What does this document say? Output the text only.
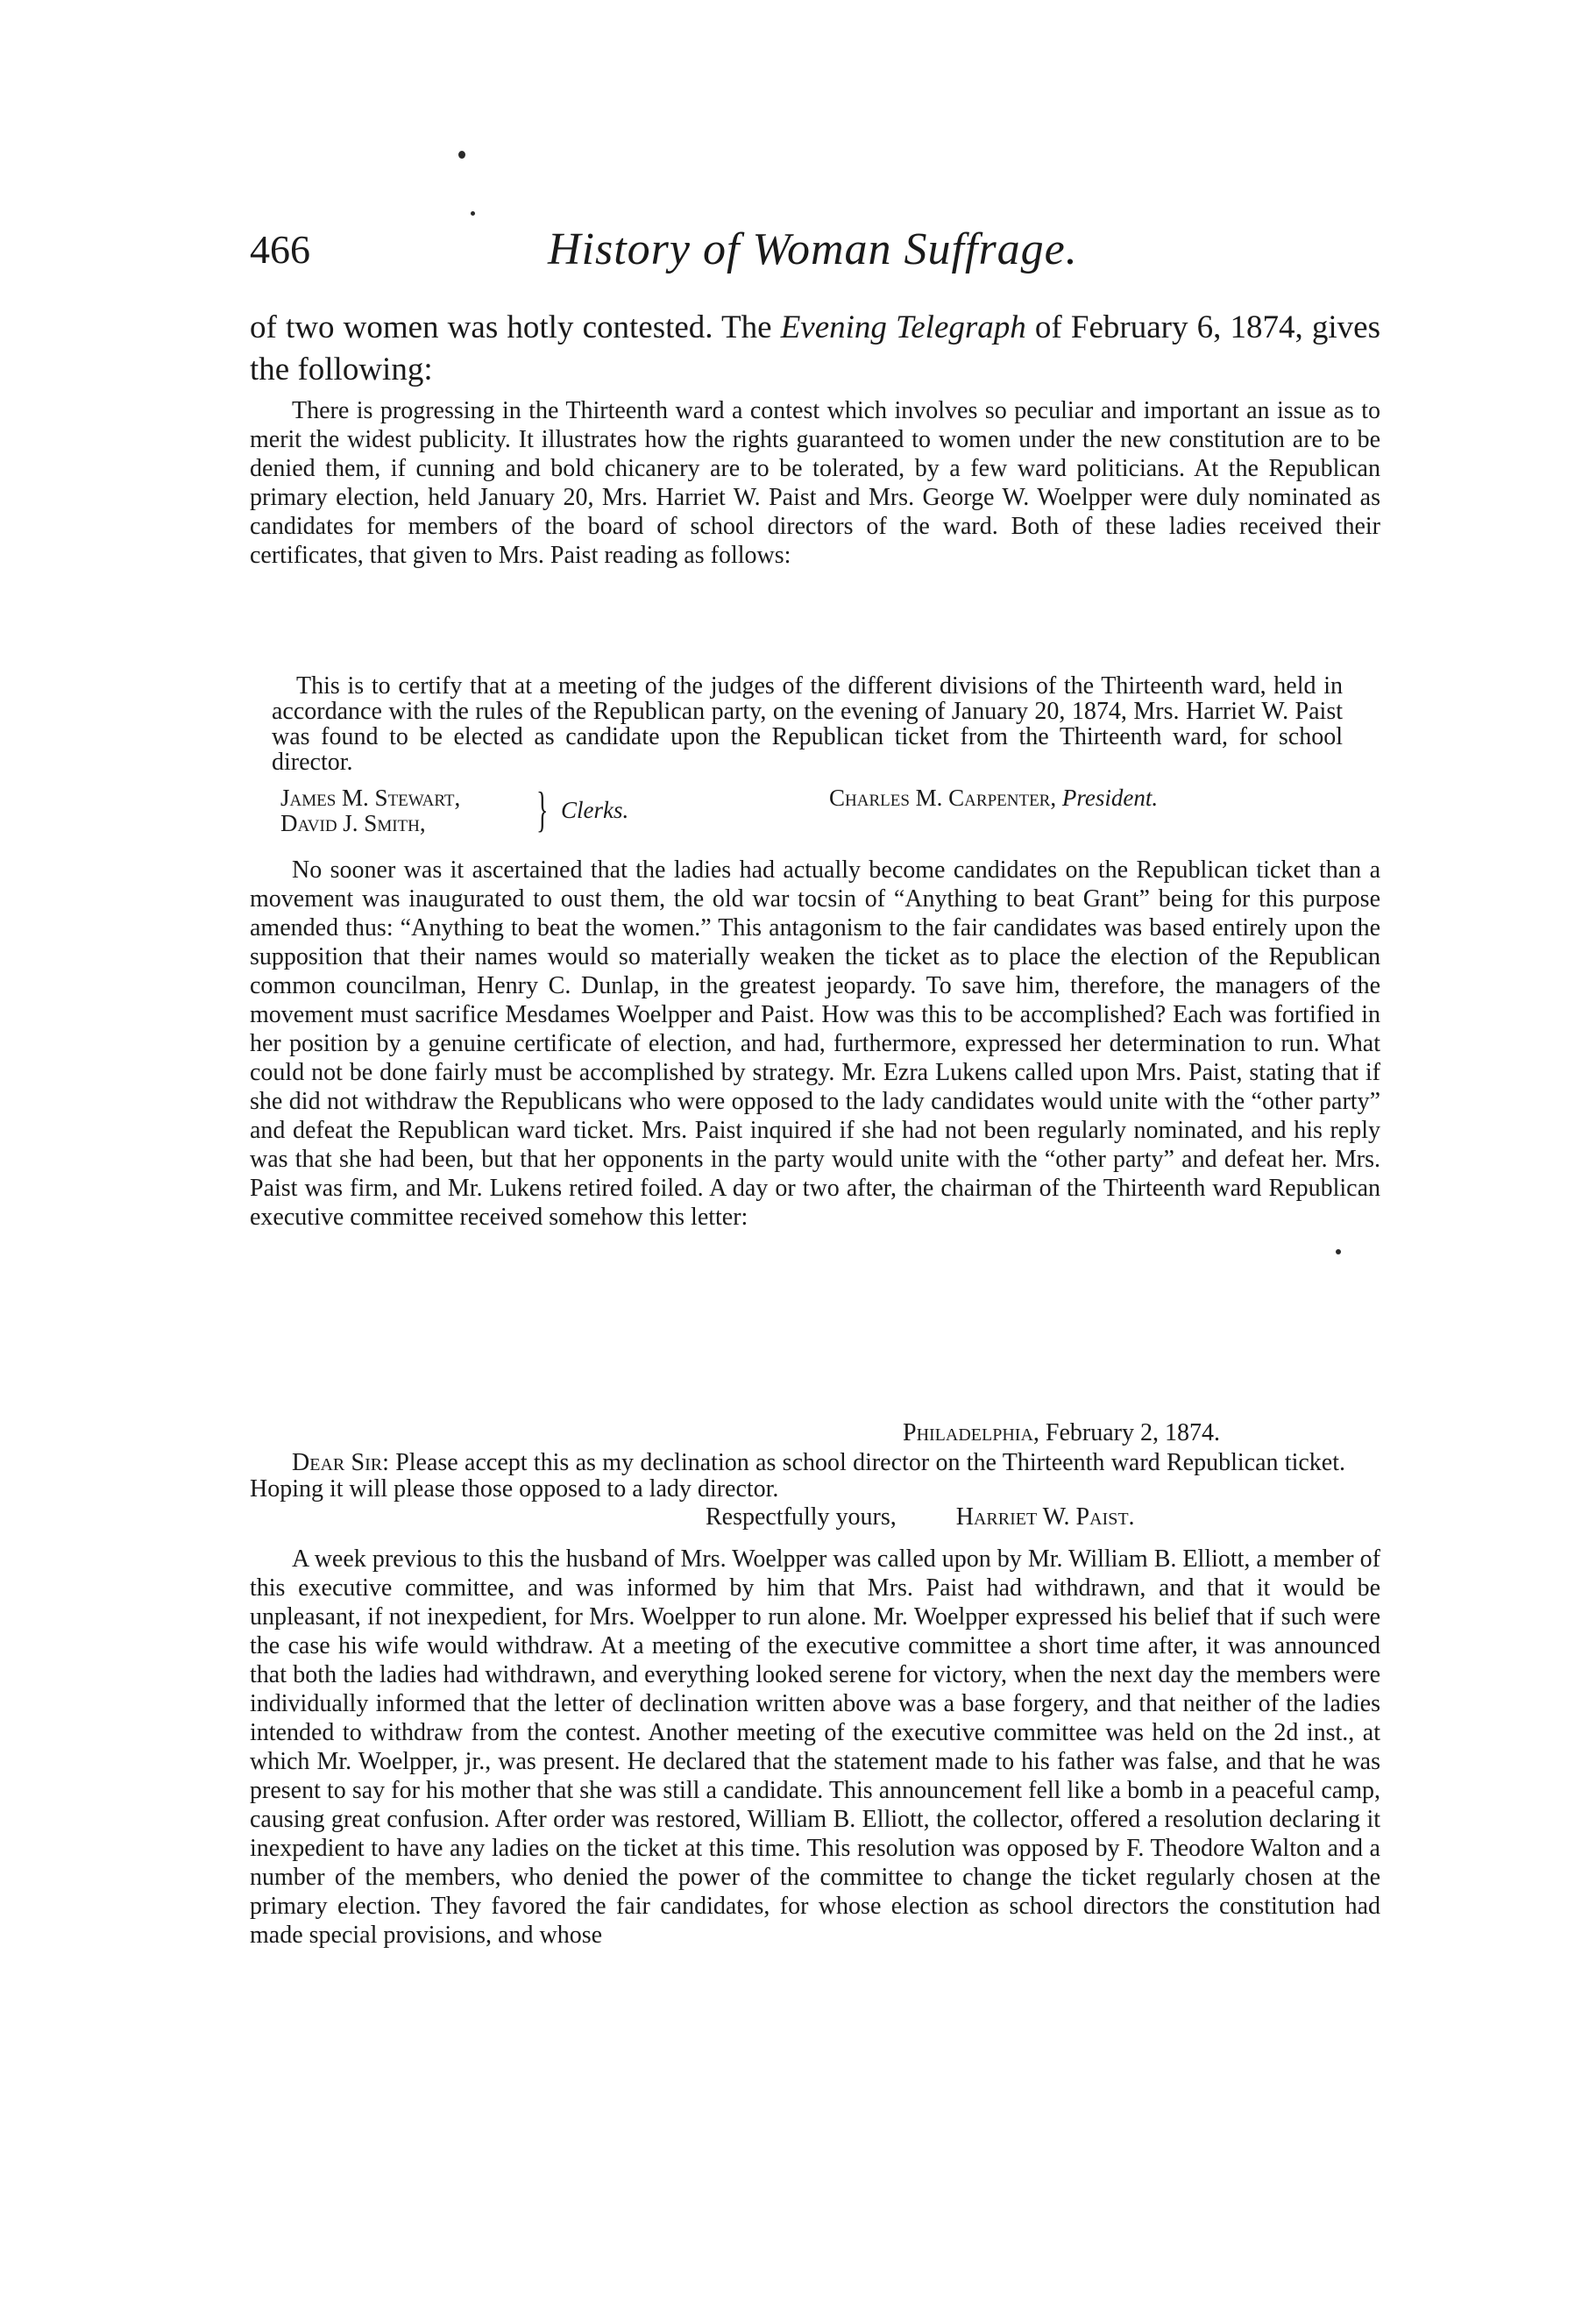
466	History of Woman Suffrage.
of two women was hotly contested. The Evening Telegraph of February 6, 1874, gives the following:

There is progressing in the Thirteenth ward a contest which involves so peculiar and important an issue as to merit the widest publicity. It illustrates how the rights guaranteed to women under the new constitution are to be denied them, if cunning and bold chicanery are to be tolerated, by a few ward politicians. At the Republican primary election, held January 20, Mrs. Harriet W. Paist and Mrs. George W. Woelpper were duly nominated as candidates for members of the board of school directors of the ward. Both of these ladies received their certificates, that given to Mrs. Paist reading as follows:

This is to certify that at a meeting of the judges of the different divisions of the Thirteenth ward, held in accordance with the rules of the Republican party, on the evening of January 20, 1874, Mrs. Harriet W. Paist was found to be elected as candidate upon the Republican ticket from the Thirteenth ward, for school director.

James M. Stewart,
David J. Smith,	} Clerks.	Charles M. Carpenter, President.

No sooner was it ascertained that the ladies had actually become candidates on the Republican ticket than a movement was inaugurated to oust them, the old war tocsin of “Anything to beat Grant” being for this purpose amended thus: “Anything to beat the women.” This antagonism to the fair candidates was based entirely upon the supposition that their names would so materially weaken the ticket as to place the election of the Republican common councilman, Henry C. Dunlap, in the greatest jeopardy. To save him, therefore, the managers of the movement must sacrifice Mesdames Woelpper and Paist. How was this to be accomplished? Each was fortified in her position by a genuine certificate of election, and had, furthermore, expressed her determination to run. What could not be done fairly must be accomplished by strategy. Mr. Ezra Lukens called upon Mrs. Paist, stating that if she did not withdraw the Republicans who were opposed to the lady candidates would unite with the “other party” and defeat the Republican ward ticket. Mrs. Paist inquired if she had not been regularly nominated, and his reply was that she had been, but that her opponents in the party would unite with the “other party” and defeat her. Mrs. Paist was firm, and Mr. Lukens retired foiled. A day or two after, the chairman of the Thirteenth ward Republican executive committee received somehow this letter:

Philadelphia, February 2, 1874.

Dear Sir: Please accept this as my declination as school director on the Thirteenth ward Republican ticket. Hoping it will please those opposed to a lady director.

Respectfully yours, Harriet W. Paist.

A week previous to this the husband of Mrs. Woelpper was called upon by Mr. William B. Elliott, a member of this executive committee, and was informed by him that Mrs. Paist had withdrawn, and that it would be unpleasant, if not inexpedient, for Mrs. Woelpper to run alone. Mr. Woelpper expressed his belief that if such were the case his wife would withdraw. At a meeting of the executive committee a short time after, it was announced that both the ladies had withdrawn, and everything looked serene for victory, when the next day the members were individually informed that the letter of declination written above was a base forgery, and that neither of the ladies intended to withdraw from the contest. Another meeting of the executive committee was held on the 2d inst., at which Mr. Woelpper, jr., was present. He declared that the statement made to his father was false, and that he was present to say for his mother that she was still a candidate. This announcement fell like a bomb in a peaceful camp, causing great confusion. After order was restored, William B. Elliott, the collector, offered a resolution declaring it inexpedient to have any ladies on the ticket at this time. This resolution was opposed by F. Theodore Walton and a number of the members, who denied the power of the committee to change the ticket regularly chosen at the primary election. They favored the fair candidates, for whose election as school directors the constitution had made special provisions, and whose
